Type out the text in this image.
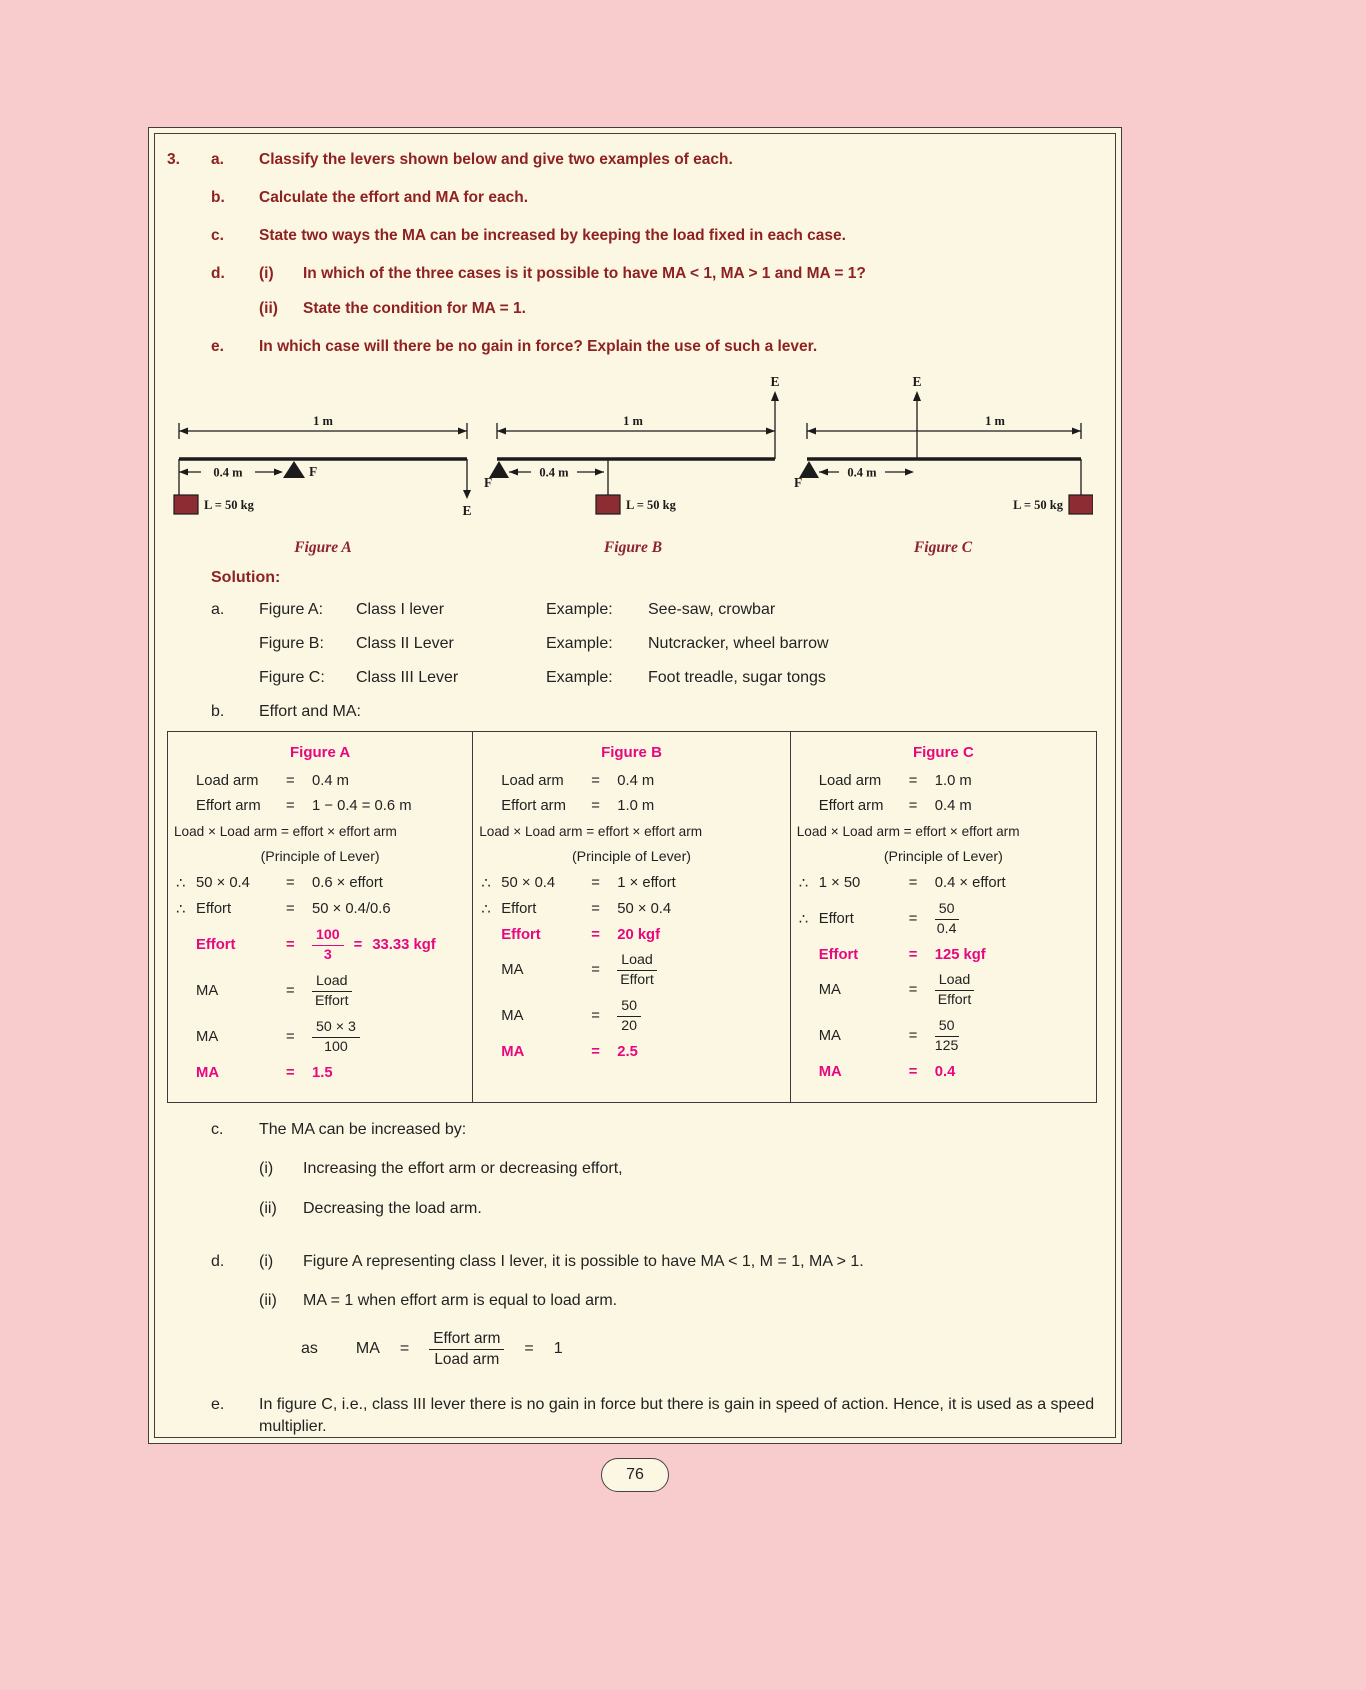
3.	a.	Classify the levers shown below and give two examples of each.
b.	Calculate the effort and MA for each.
c.	State two ways the MA can be increased by keeping the load fixed in each case.
d.	(i)	In which of the three cases is it possible to have MA < 1, MA > 1 and MA = 1?
(ii)	State the condition for MA = 1.
e.	In which case will there be no gain in force? Explain the use of such a lever.
1 m
F
0.4 m
L = 50 kg	E
E
1 m
F
0.4 m
L = 50 kg
E
1 m
F
0.4 m
L = 50 kg
Figure A	Figure B	Figure C
Solution:
a.	Figure A:	Class I lever	Example:	See-saw, crowbar
Figure B:	Class II Lever	Example:	Nutcracker, wheel barrow
Figure C:	Class III Lever	Example:	Foot treadle, sugar tongs
b.	Effort and MA:
Figure A
Load arm	=	0.4 m
Effort arm	=	1 − 0.4 = 0.6 m
Load × Load arm = effort × effort arm
(Principle of Lever)
∴ 50 × 0.4	=	0.6 × effort
∴ Effort	=	50 × 0.4/0.6
Effort	=	$\frac{100}{3} = 33.33$ kgf
MA	=	$\frac{\text{Load}}{\text{Effort}}$
MA	=	$\frac{50 \times 3}{100}$
MA	=	1.5
Figure B
Load arm	=	0.4 m
Effort arm	=	1.0 m
Load × Load arm = effort × effort arm
(Principle of Lever)
∴ 50 × 0.4	=	1 × effort
∴ Effort	=	50 × 0.4
Effort	=	20 kgf
MA	=	$\frac{\text{Load}}{\text{Effort}}$
MA	=	$\frac{50}{20}$
MA	=	2.5
Figure C
Load arm	=	1.0 m
Effort arm	=	0.4 m
Load × Load arm = effort × effort arm
(Principle of Lever)
∴ 1 × 50	=	0.4 × effort
∴ Effort	=	$\frac{50}{0.4}$
Effort	=	125 kgf
MA	=	$\frac{\text{Load}}{\text{Effort}}$
MA	=	$\frac{50}{125}$
MA	=	0.4
c.	The MA can be increased by:
(i)	Increasing the effort arm or decreasing effort,
(ii)	Decreasing the load arm.
d.	(i)	Figure A representing class I lever, it is possible to have MA < 1, M = 1, MA > 1.
(ii)	MA = 1 when effort arm is equal to load arm.
as MA = $\frac{\text{Effort arm}}{\text{Load arm}} = 1$
e.	In figure C, i.e., class III lever there is no gain in force but there is gain in speed of action. Hence, it is used as a speed multiplier.
76
